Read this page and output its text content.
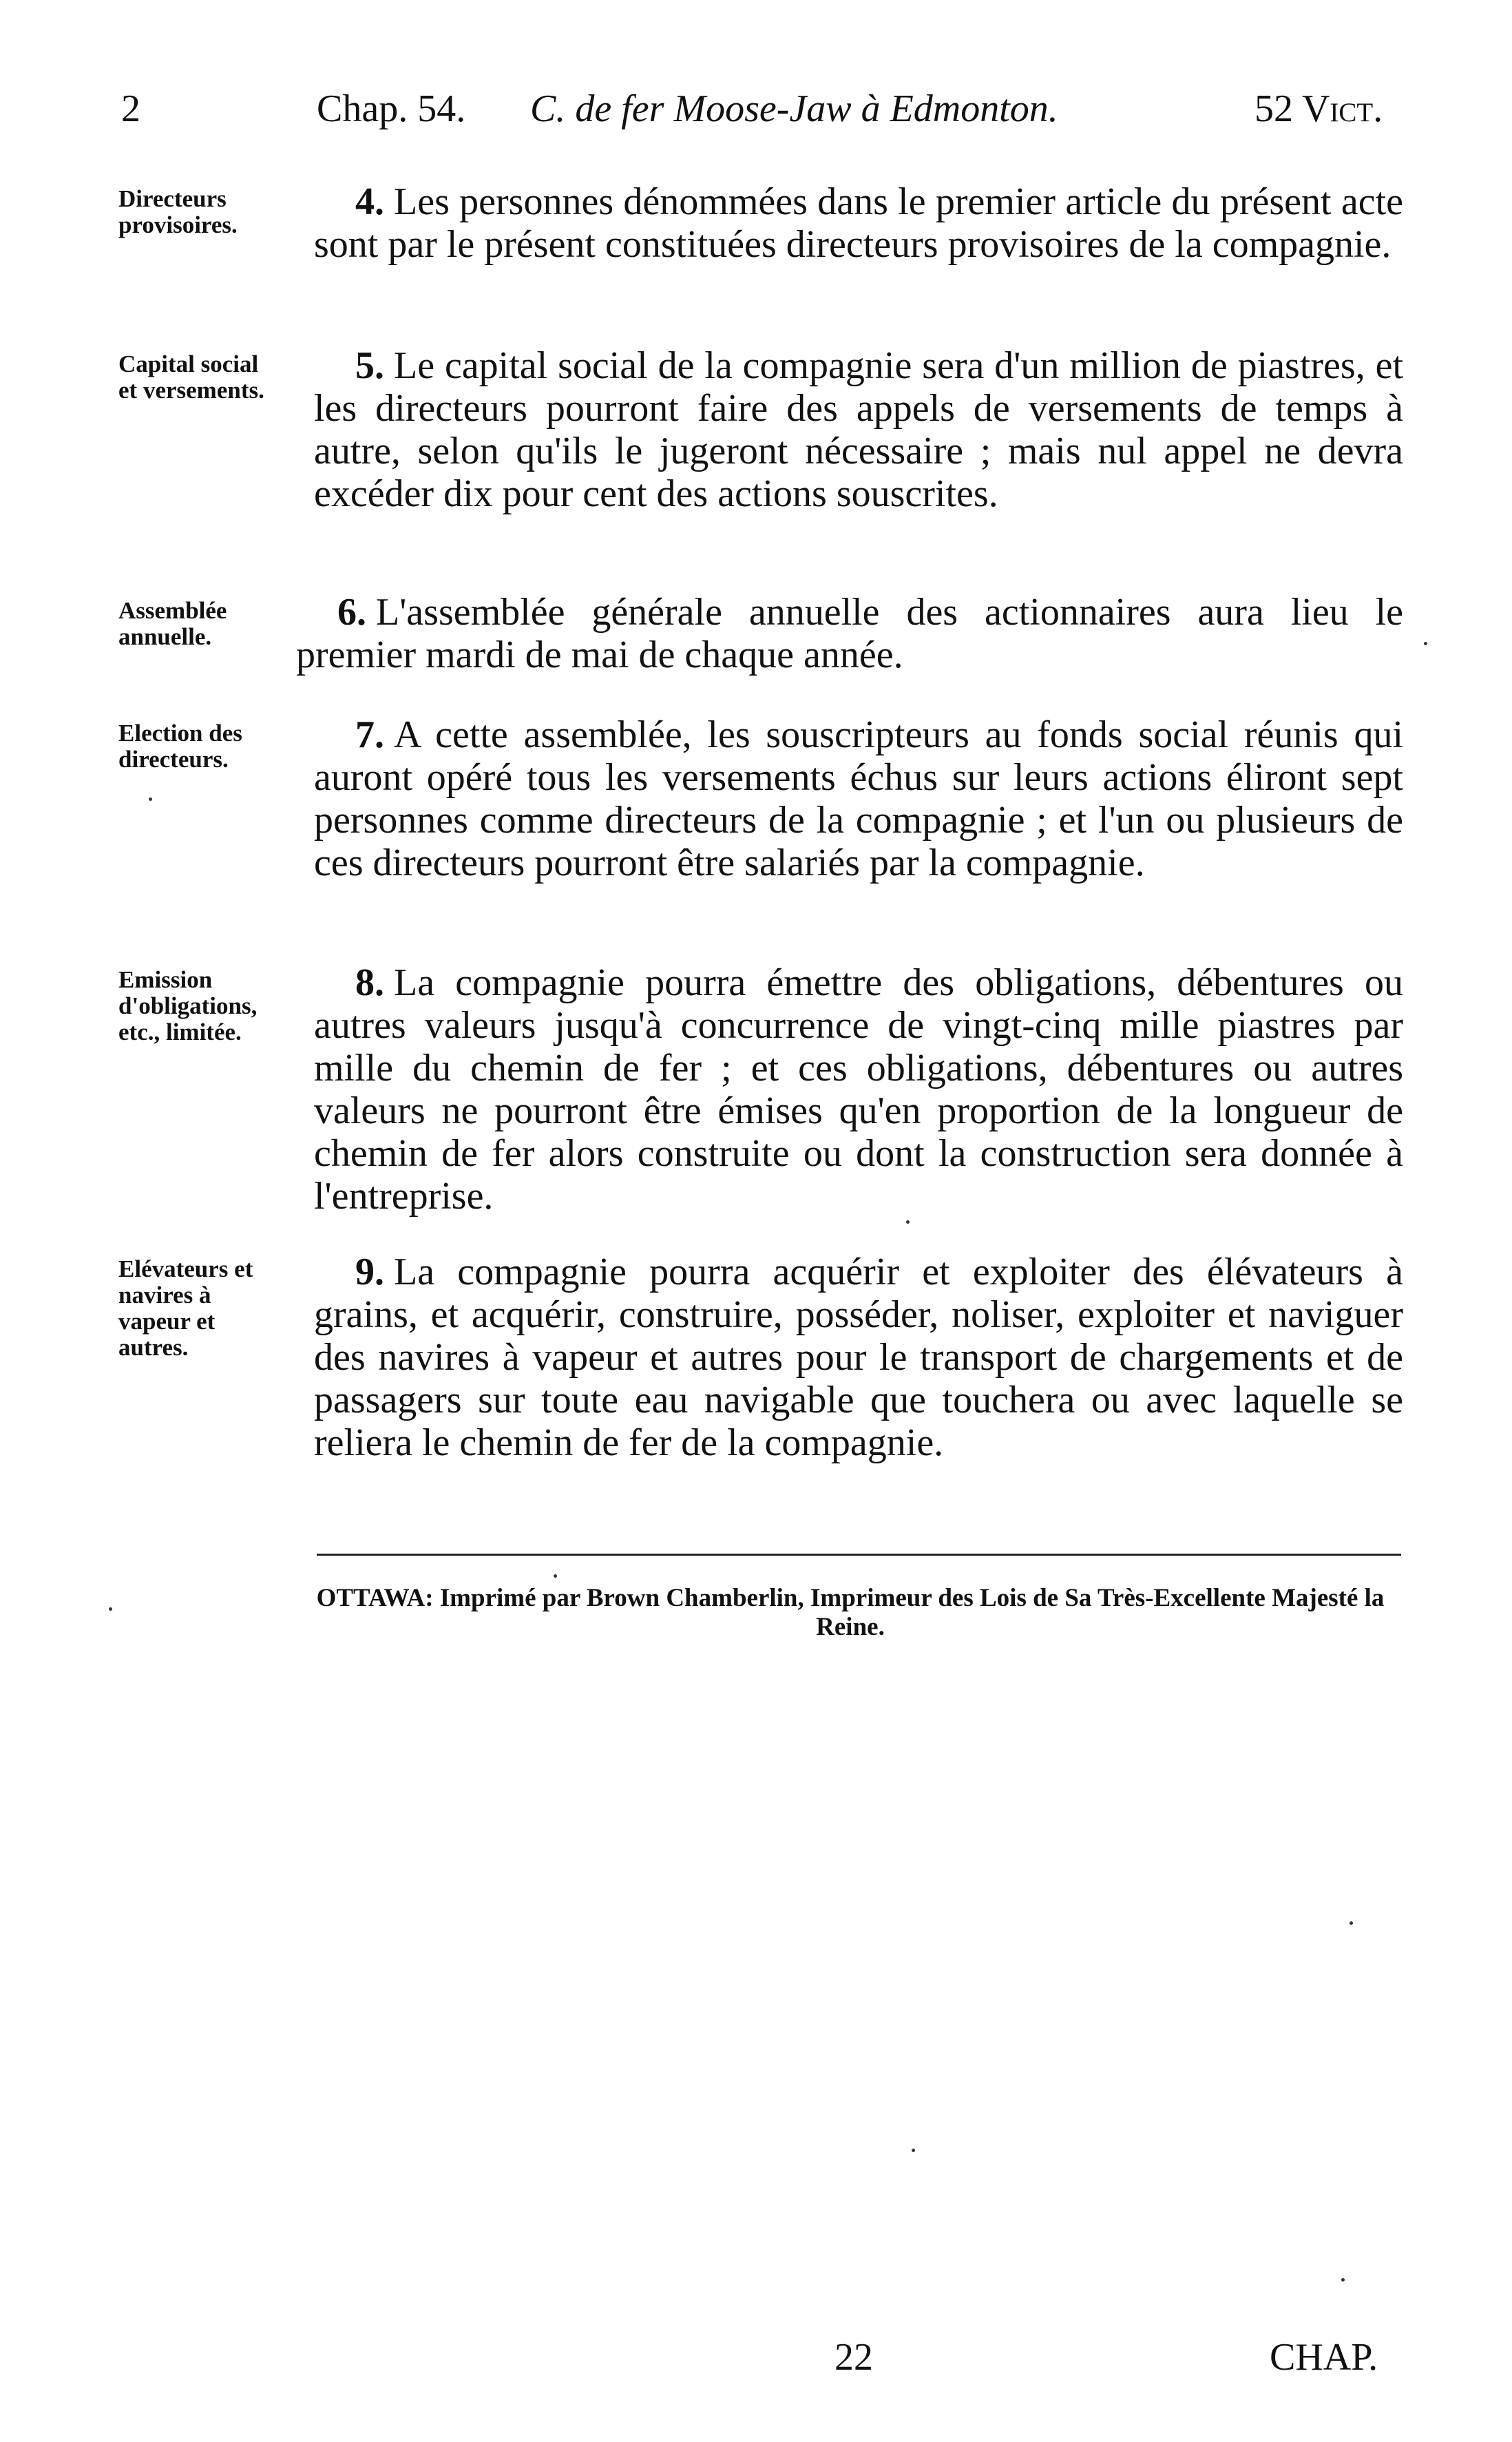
2	Chap. 54. C. de fer Moose-Jaw à Edmonton.	52 Vict.

Directeurs
provisoires.

4. Les personnes dénommées dans le premier article du présent acte sont par le présent constituées directeurs provisoires de la compagnie.

Capital social
et versements.

5. Le capital social de la compagnie sera d'un million de piastres, et les directeurs pourront faire des appels de versements de temps à autre, selon qu'ils le jugeront nécessaire ; mais nul appel ne devra excéder dix pour cent des actions souscrites.

Assemblée
annuelle.

6. L'assemblée générale annuelle des actionnaires aura lieu le premier mardi de mai de chaque année.

Election des
directeurs.

7. A cette assemblée, les souscripteurs au fonds social réunis qui auront opéré tous les versements échus sur leurs actions éliront sept personnes comme directeurs de la compagnie ; et l'un ou plusieurs de ces directeurs pourront être salariés par la compagnie.

Emission
d'obligations,
etc., limitée.

8. La compagnie pourra émettre des obligations, débentures ou autres valeurs jusqu'à concurrence de vingt-cinq mille piastres par mille du chemin de fer ; et ces obligations, débentures ou autres valeurs ne pourront être émises qu'en proportion de la longueur de chemin de fer alors construite ou dont la construction sera donnée à l'entreprise.

Elévateurs et
navires à
vapeur et
autres.

9. La compagnie pourra acquérir et exploiter des élévateurs à grains, et acquérir, construire, posséder, noliser, exploiter et naviguer des navires à vapeur et autres pour le transport de chargements et de passagers sur toute eau navigable que touchera ou avec laquelle se reliera le chemin de fer de la compagnie.

OTTAWA: Imprimé par Brown Chamberlin, Imprimeur des Lois de Sa Très-Excellente Majesté la Reine.

22	CHAP.
